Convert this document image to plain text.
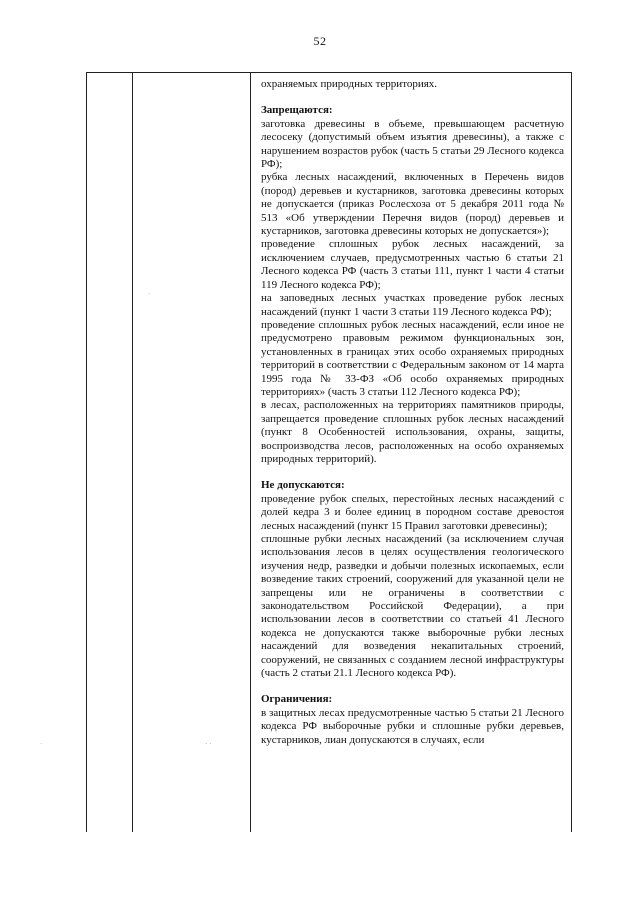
52

охраняемых природных территориях.

Запрещаются:

заготовка древесины в объеме, превышающем расчетную лесосеку (допустимый объем изъятия древесины), а также с нарушением возрастов рубок (часть 5 статьи 29 Лесного кодекса РФ);

рубка лесных насаждений, включенных в Перечень видов (пород) деревьев и кустарников, заготовка древесины которых не допускается (приказ Рослесхоза от 5 декабря 2011 года № 513 «Об утверждении Перечня видов (пород) деревьев и кустарников, заготовка древесины которых не допускается»);

проведение сплошных рубок лесных насаждений, за исключением случаев, предусмотренных частью 6 статьи 21 Лесного кодекса РФ (часть 3 статьи 111, пункт 1 части 4 статьи 119 Лесного кодекса РФ);

на заповедных лесных участках проведение рубок лесных насаждений (пункт 1 части 3 статьи 119 Лесного кодекса РФ);

проведение сплошных рубок лесных насаждений, если иное не предусмотрено правовым режимом функциональных зон, установленных в границах этих особо охраняемых природных территорий в соответствии с Федеральным законом от 14 марта 1995 года № 33-ФЗ «Об особо охраняемых природных территориях» (часть 3 статьи 112 Лесного кодекса РФ);

в лесах, расположенных на территориях памятников природы, запрещается проведение сплошных рубок лесных насаждений (пункт 8 Особенностей использования, охраны, защиты, воспроизводства лесов, расположенных на особо охраняемых природных территорий).

Не допускаются:

проведение рубок спелых, перестойных лесных насаждений с долей кедра 3 и более единиц в породном составе древостоя лесных насаждений (пункт 15 Правил заготовки древесины);

сплошные рубки лесных насаждений (за исключением случая использования лесов в целях осуществления геологического изучения недр, разведки и добычи полезных ископаемых, если возведение таких строений, сооружений для указанной цели не запрещены или не ограничены в соответствии с законодательством Российской Федерации), а при использовании лесов в соответствии со статьей 41 Лесного кодекса не допускаются также выборочные рубки лесных насаждений для возведения некапитальных строений, сооружений, не связанных с созданием лесной инфраструктуры (часть 2 статьи 21.1 Лесного кодекса РФ).

Ограничения:

в защитных лесах предусмотренные частью 5 статьи 21 Лесного кодекса РФ выборочные рубки и сплошные рубки деревьев, кустарников, лиан допускаются в случаях, если

·
· ·
·
